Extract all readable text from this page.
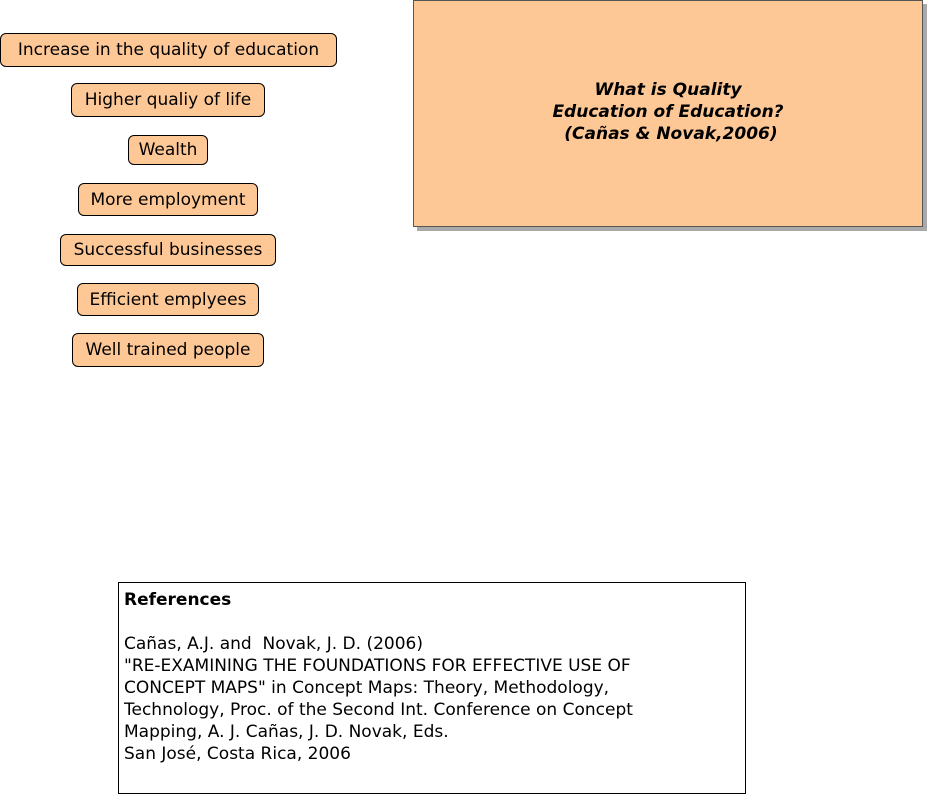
Increase in the quality of education
Higher qualiy of life
Wealth
More employment
Successful businesses
Efficient emplyees
Well trained people
What is Quality
Education of Education?
(Cañas & Novak,2006)
References
Cañas, A.J. and  Novak, J. D. (2006)
"RE-EXAMINING THE FOUNDATIONS FOR EFFECTIVE USE OF
CONCEPT MAPS" in Concept Maps: Theory, Methodology,
Technology, Proc. of the Second Int. Conference on Concept
Mapping, A. J. Cañas, J. D. Novak, Eds.
San José, Costa Rica, 2006
